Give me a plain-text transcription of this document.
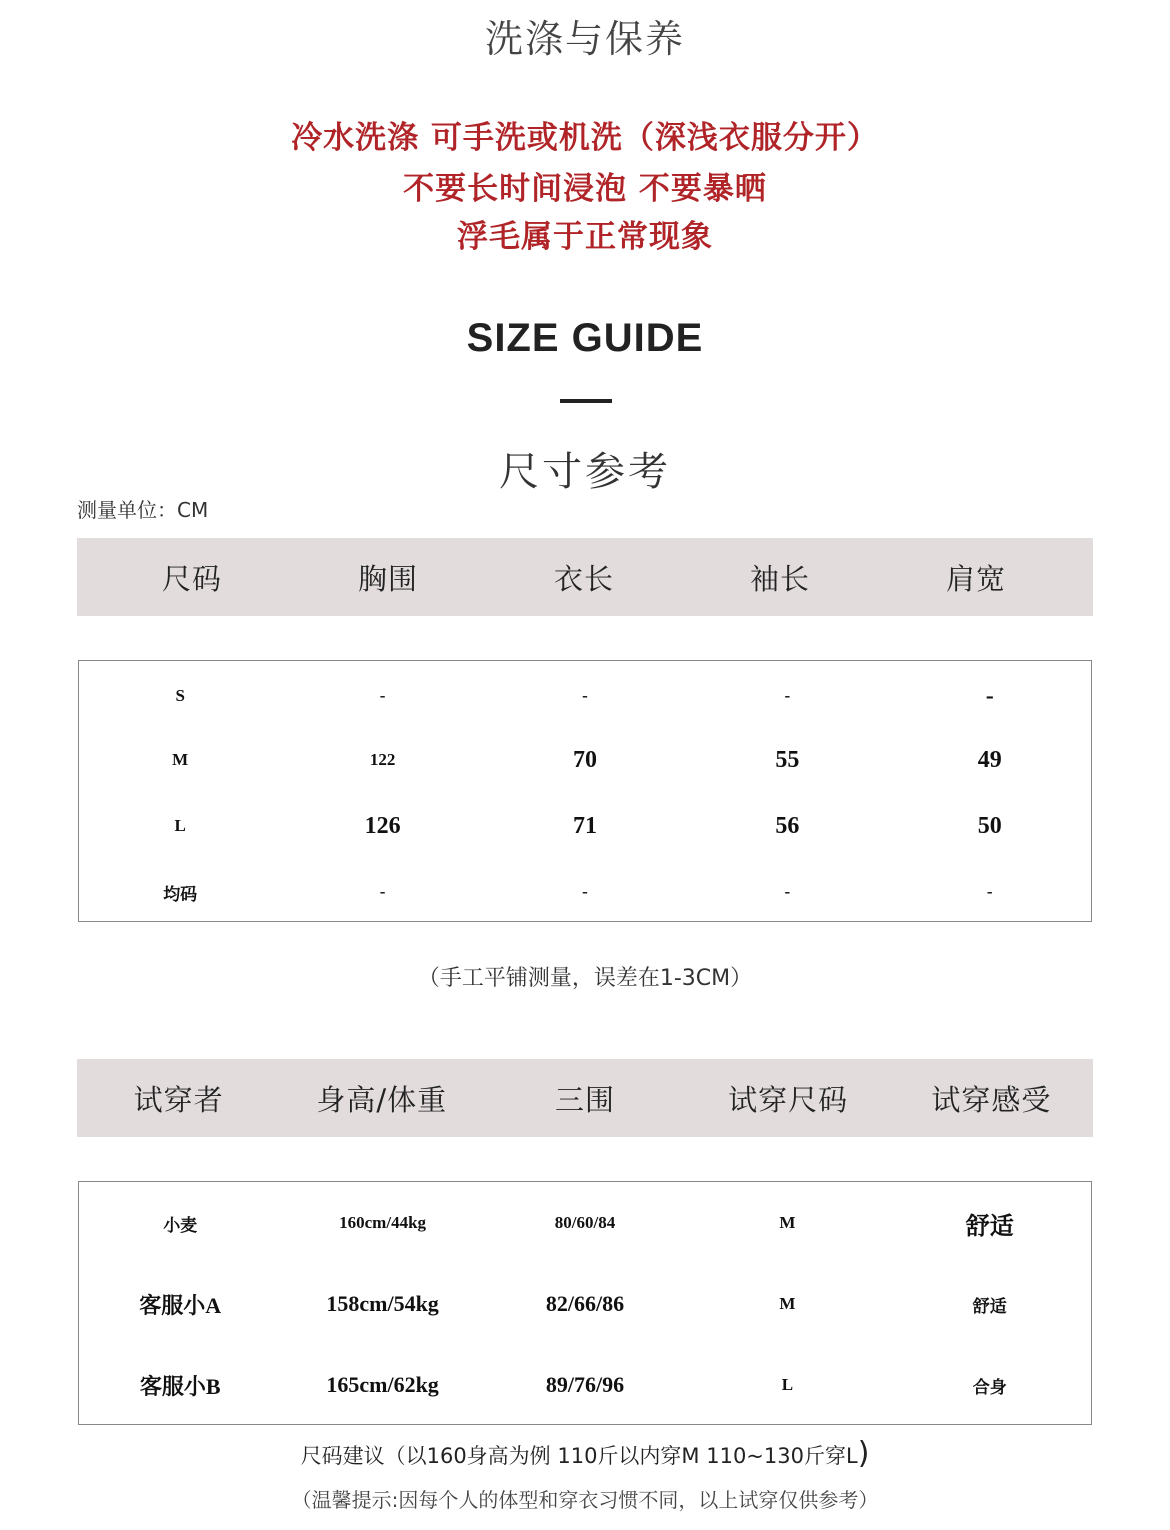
洗涤与保养
冷水洗涤 可手洗或机洗（深浅衣服分开）
不要长时间浸泡 不要暴晒
浮毛属于正常现象
SIZE GUIDE
尺寸参考
测量单位：CM
尺码	胸围	衣长	袖长	肩宽
S	-	-	-	-
M	122	70	55	49
L	126	71	56	50
均码	-	-	-	-
（手工平铺测量，误差在1-3CM）
试穿者	身高/体重	三围	试穿尺码	试穿感受
小麦	160cm/44kg	80/60/84	M	舒适
客服小A	158cm/54kg	82/66/86	M	舒适
客服小B	165cm/62kg	89/76/96	L	合身
尺码建议（以160身高为例 110斤以内穿M 110~130斤穿L)
（温馨提示:因每个人的体型和穿衣习惯不同，以上试穿仅供参考）
